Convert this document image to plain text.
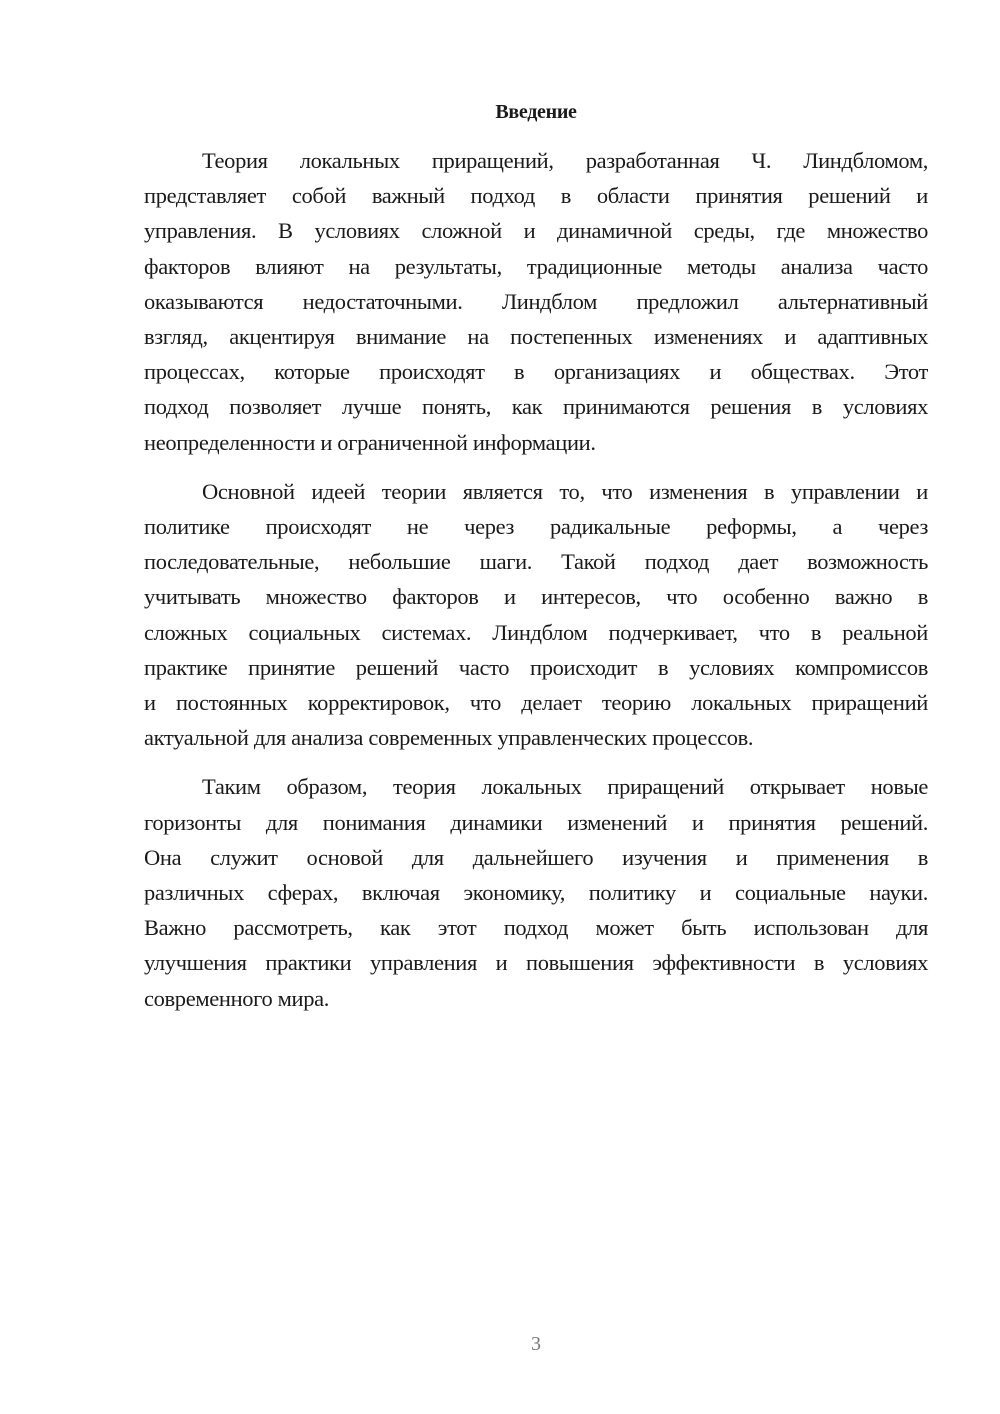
Введение

Теория локальных приращений, разработанная Ч. Линдбломом,
представляет собой важный подход в области принятия решений и
управления. В условиях сложной и динамичной среды, где множество
факторов влияют на результаты, традиционные методы анализа часто
оказываются недостаточными. Линдблом предложил альтернативный
взгляд, акцентируя внимание на постепенных изменениях и адаптивных
процессах, которые происходят в организациях и обществах. Этот
подход позволяет лучше понять, как принимаются решения в условиях
неопределенности и ограниченной информации.

Основной идеей теории является то, что изменения в управлении и
политике происходят не через радикальные реформы, а через
последовательные, небольшие шаги. Такой подход дает возможность
учитывать множество факторов и интересов, что особенно важно в
сложных социальных системах. Линдблом подчеркивает, что в реальной
практике принятие решений часто происходит в условиях компромиссов
и постоянных корректировок, что делает теорию локальных приращений
актуальной для анализа современных управленческих процессов.

Таким образом, теория локальных приращений открывает новые
горизонты для понимания динамики изменений и принятия решений.
Она служит основой для дальнейшего изучения и применения в
различных сферах, включая экономику, политику и социальные науки.
Важно рассмотреть, как этот подход может быть использован для
улучшения практики управления и повышения эффективности в условиях
современного мира.

3
